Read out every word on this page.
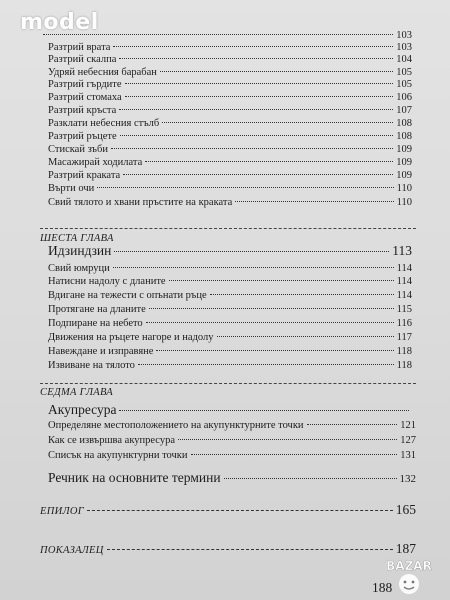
model
103
Разтрий врата	103
Разтрий скалпа	104
Удряй небесния барабан	105
Разтрий гърдите	105
Разтрий стомаха	106
Разтрий кръста	107
Разклати небесния стълб	108
Разтрий ръцете	108
Стискай зъби	109
Масажирай ходилата	109
Разтрий краката	109
Върти очи	110
Свий тялото и хвани пръстите на краката	110
ШЕСТА ГЛАВА
Идзиндзин	113
Свий юмруци	114
Натисни надолу с дланите	114
Вдигане на тежести с опънати ръце	114
Протягане на дланите	115
Подпиране на небето	116
Движения на ръцете нагоре и надолу	117
Навеждане и изправяне	118
Извиване на тялото	118
СЕДМА ГЛАВА
Акупресура
Определяне местоположението на акупунктурните точки	121
Как се извършва акупресура	127
Списък на акупунктурни точки	131
Речник на основните термини	132
ЕПИЛОГ	165
ПОКАЗАЛЕЦ	187
188
BAZAR
